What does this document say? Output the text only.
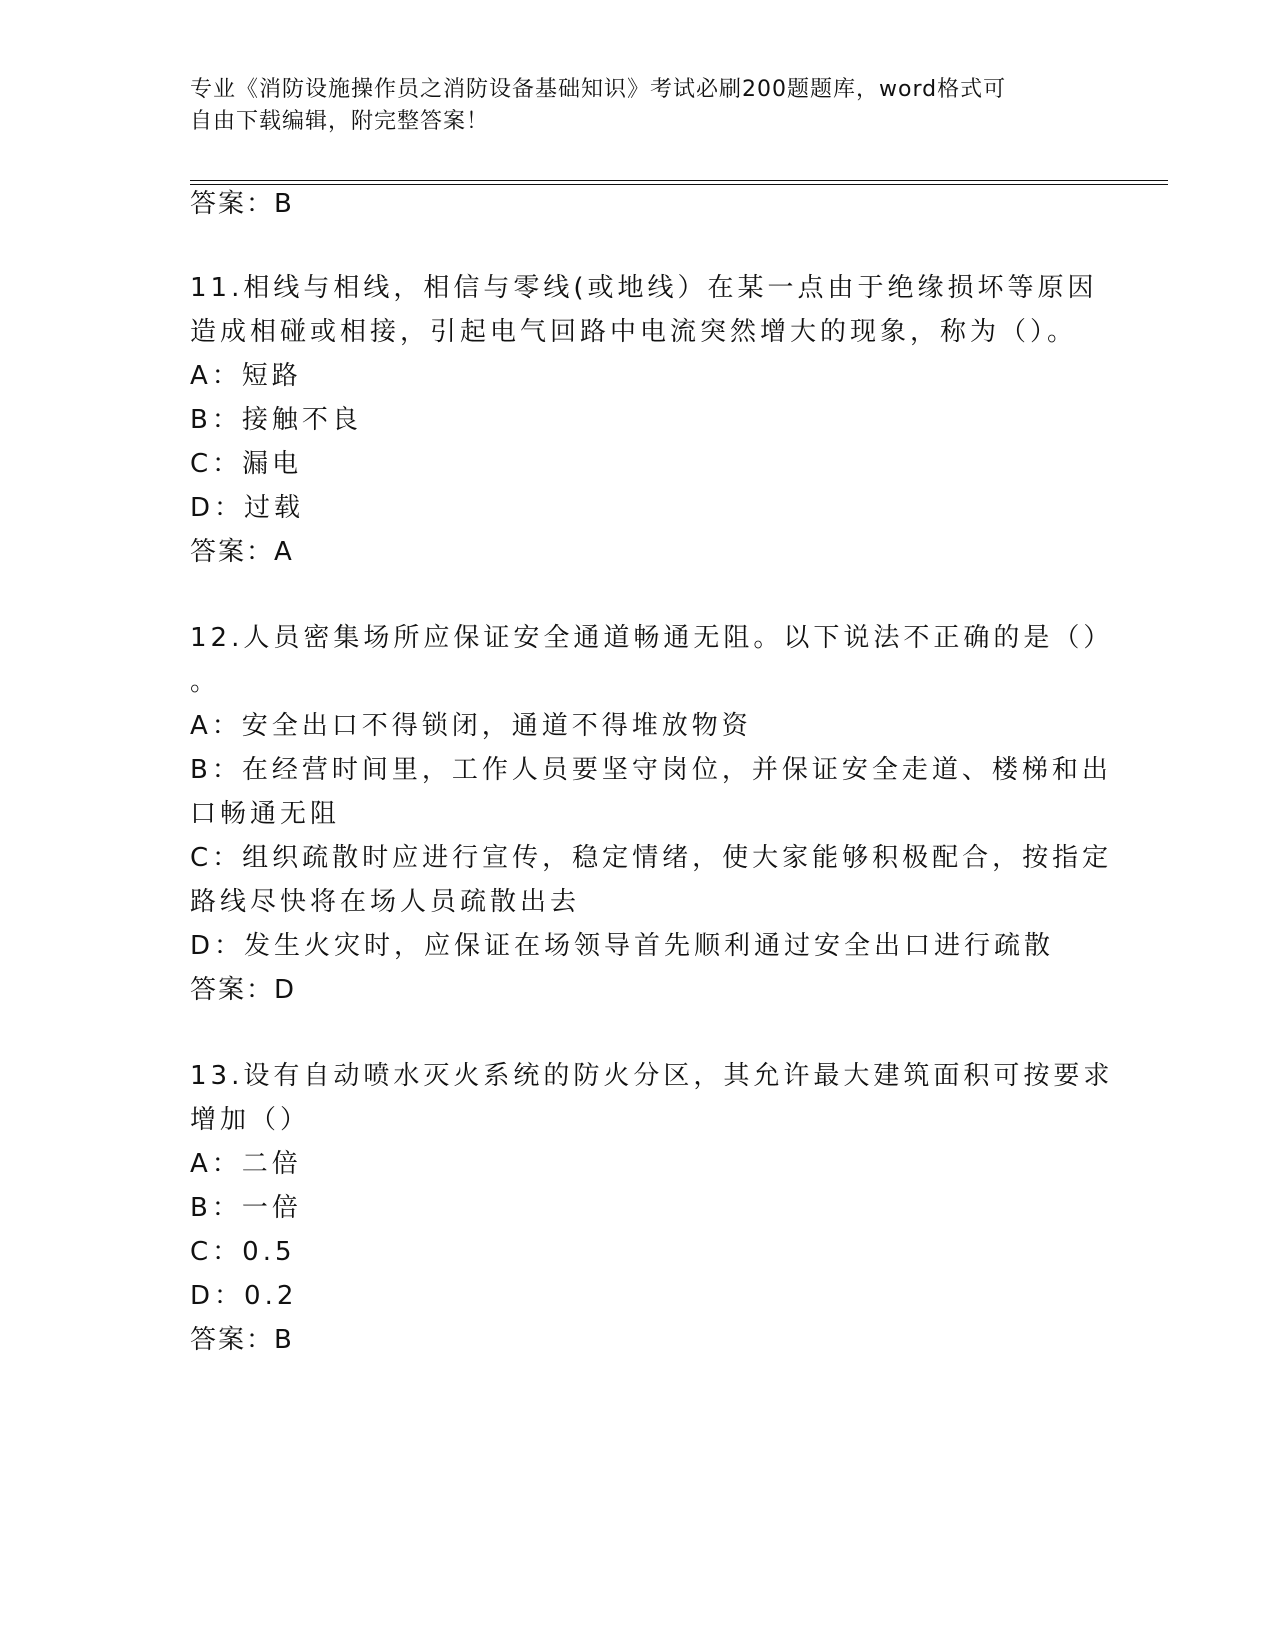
专业《消防设施操作员之消防设备基础知识》考试必刷200题题库，word格式可
自由下载编辑，附完整答案！
答案：B
11.相线与相线，相信与零线(或地线）在某一点由于绝缘损坏等原因
造成相碰或相接，引起电气回路中电流突然增大的现象，称为（）。
A：短路
B：接触不良
C：漏电
D：过载
答案：A
12.人员密集场所应保证安全通道畅通无阻。以下说法不正确的是（）
。
A：安全出口不得锁闭，通道不得堆放物资
B：在经营时间里，工作人员要坚守岗位，并保证安全走道、楼梯和出
口畅通无阻
C：组织疏散时应进行宣传，稳定情绪，使大家能够积极配合，按指定
路线尽快将在场人员疏散出去
D：发生火灾时，应保证在场领导首先顺利通过安全出口进行疏散
答案：D
13.设有自动喷水灭火系统的防火分区，其允许最大建筑面积可按要求
增加（）
A：二倍
B：一倍
C：0.5
D：0.2
答案：B
